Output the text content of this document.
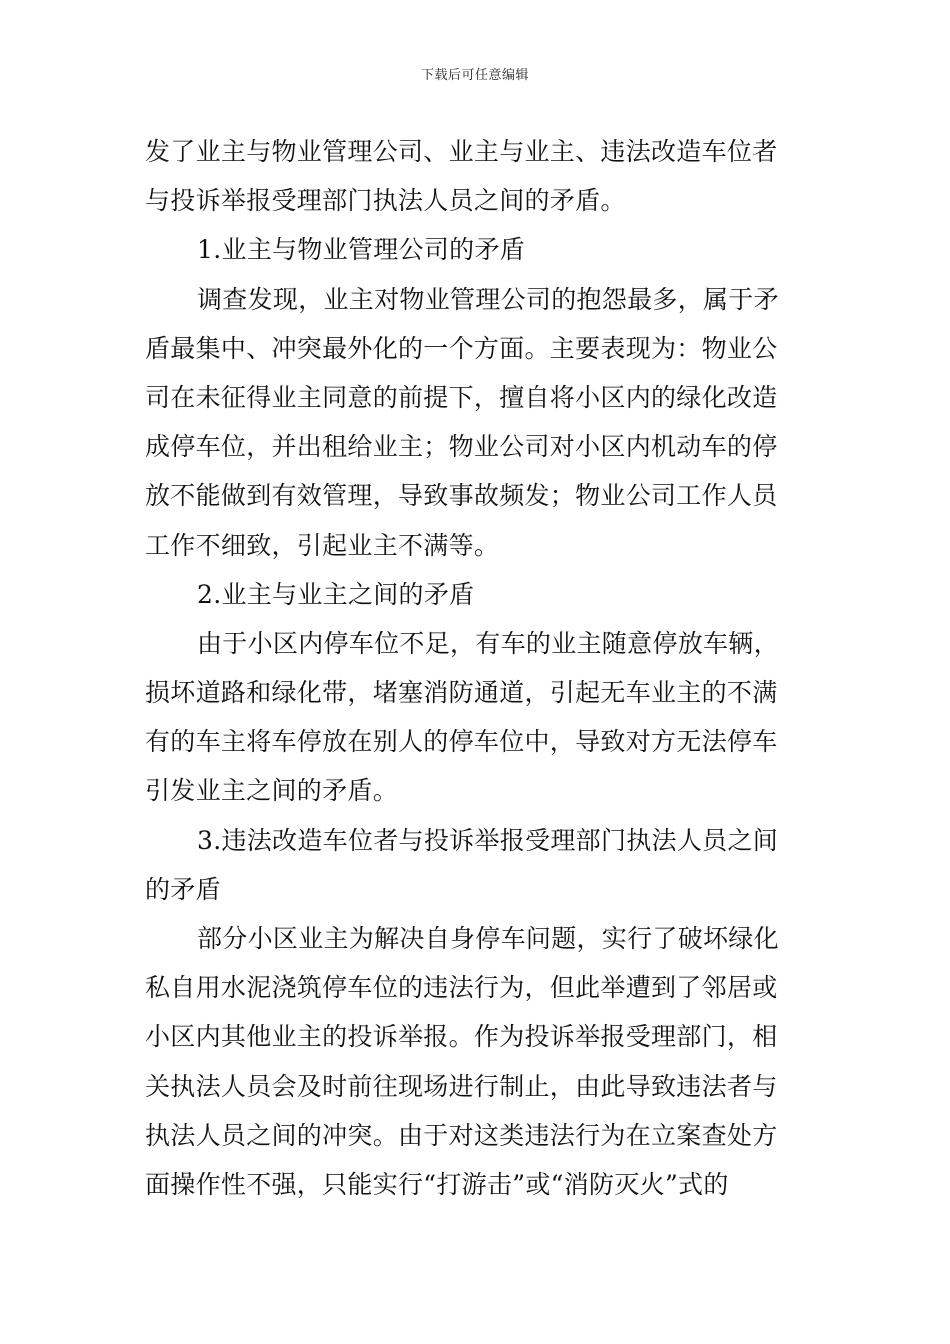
下载后可任意编辑
发了业主与物业管理公司、业主与业主、违法改造车位者
与投诉举报受理部门执法人员之间的矛盾。
1.业主与物业管理公司的矛盾
调查发现，业主对物业管理公司的抱怨最多，属于矛
盾最集中、冲突最外化的一个方面。主要表现为：物业公
司在未征得业主同意的前提下，擅自将小区内的绿化改造
成停车位，并出租给业主；物业公司对小区内机动车的停
放不能做到有效管理，导致事故频发；物业公司工作人员
工作不细致，引起业主不满等。
2.业主与业主之间的矛盾
由于小区内停车位不足，有车的业主随意停放车辆，
损坏道路和绿化带，堵塞消防通道，引起无车业主的不满
有的车主将车停放在别人的停车位中，导致对方无法停车
引发业主之间的矛盾。
3.违法改造车位者与投诉举报受理部门执法人员之间
的矛盾
部分小区业主为解决自身停车问题，实行了破坏绿化
私自用水泥浇筑停车位的违法行为，但此举遭到了邻居或
小区内其他业主的投诉举报。作为投诉举报受理部门，相
关执法人员会及时前往现场进行制止，由此导致违法者与
执法人员之间的冲突。由于对这类违法行为在立案查处方
面操作性不强，只能实行“打游击”或“消防灭火”式的
